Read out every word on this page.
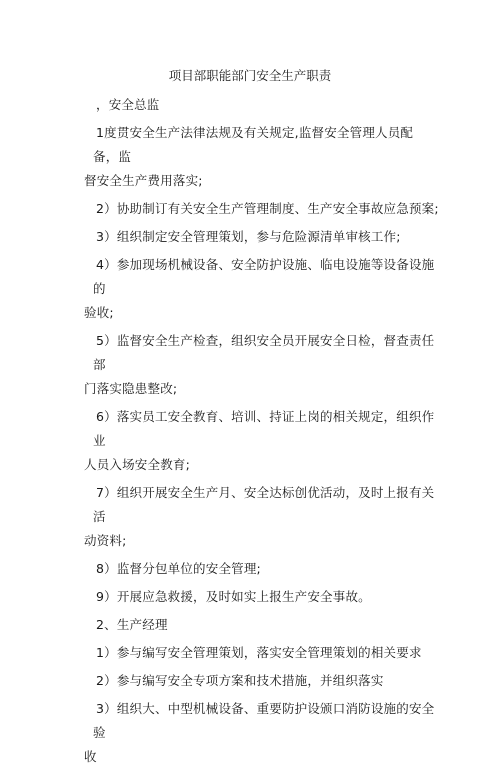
项目部职能部门安全生产职责

，安全总监

1度贯安全生产法律法规及有关规定,监督安全管理人员配备，监
督安全生产费用落实;

2）协助制订有关安全生产管理制度、生产安全事故应急预案;

3）组织制定安全管理策划，参与危险源清单审核工作;

4）参加现场机械设备、安全防护设施、临电设施等设备设施的
验收;

5）监督安全生产检查，组织安全员开展安全日检，督查责任部
门落实隐患整改;

6）落实员工安全教育、培训、持证上岗的相关规定，组织作业
人员入场安全教育;

7）组织开展安全生产月、安全达标创优活动，及时上报有关活
动资料;

8）监督分包单位的安全管理;

9）开展应急救援，及时如实上报生产安全事故。

2、生产经理

1）参与编写安全管理策划，落实安全管理策划的相关要求

2）参与编写安全专项方案和技术措施，并组织落实

3）组织大、中型机械设备、重要防护设颁口消防设施的安全验
收
